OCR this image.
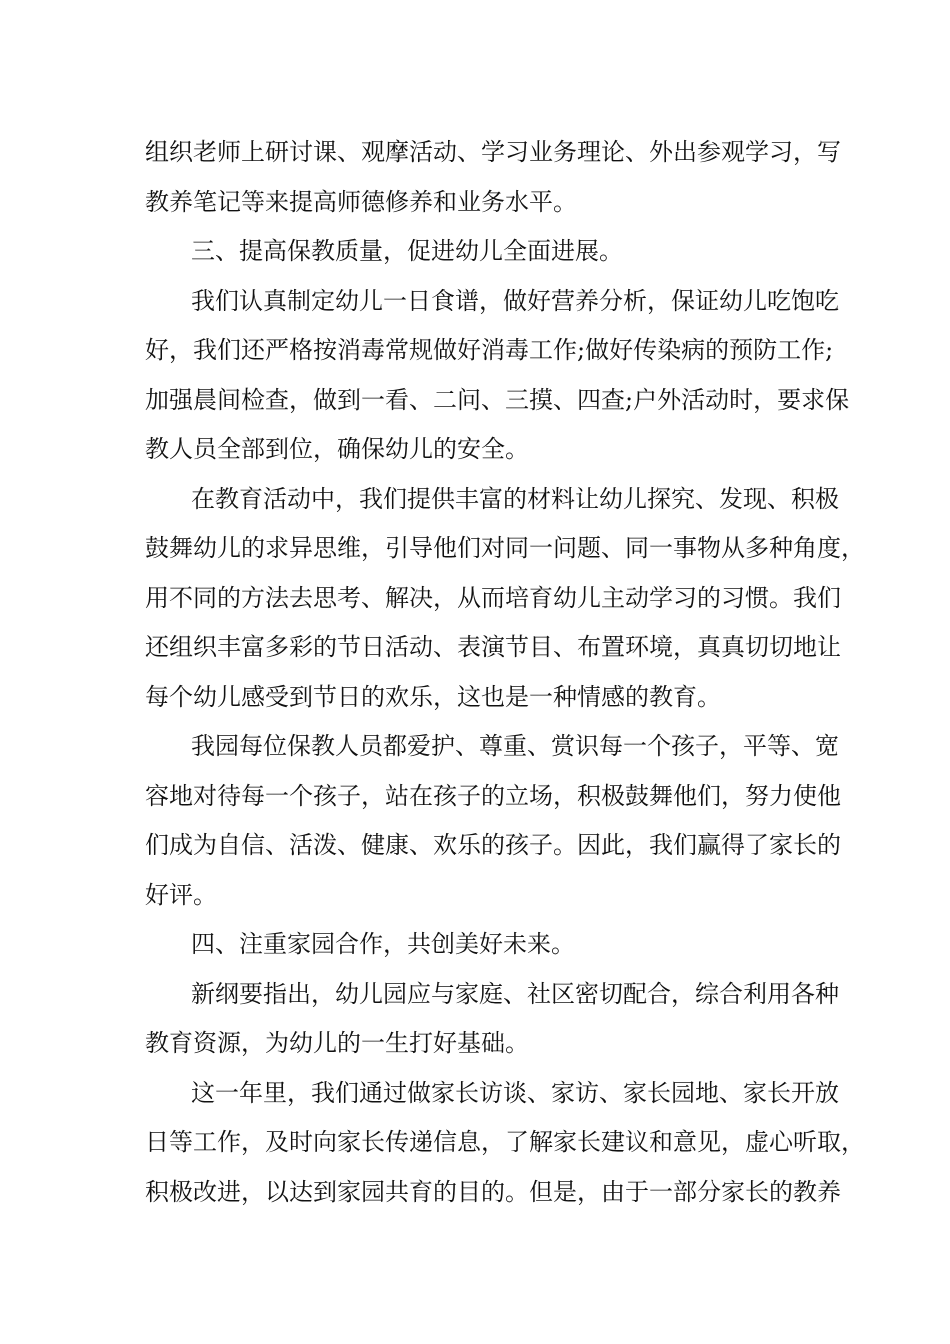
组织老师上研讨课、观摩活动、学习业务理论、外出参观学习，写
教养笔记等来提高师德修养和业务水平。
三、提高保教质量，促进幼儿全面进展。
我们认真制定幼儿一日食谱，做好营养分析，保证幼儿吃饱吃
好，我们还严格按消毒常规做好消毒工作;做好传染病的预防工作;
加强晨间检查，做到一看、二问、三摸、四查;户外活动时，要求保
教人员全部到位，确保幼儿的安全。
在教育活动中，我们提供丰富的材料让幼儿探究、发现、积极
鼓舞幼儿的求异思维，引导他们对同一问题、同一事物从多种角度，
用不同的方法去思考、解决，从而培育幼儿主动学习的习惯。我们
还组织丰富多彩的节日活动、表演节目、布置环境，真真切切地让
每个幼儿感受到节日的欢乐，这也是一种情感的教育。
我园每位保教人员都爱护、尊重、赏识每一个孩子，平等、宽
容地对待每一个孩子，站在孩子的立场，积极鼓舞他们，努力使他
们成为自信、活泼、健康、欢乐的孩子。因此，我们赢得了家长的
好评。
四、注重家园合作，共创美好未来。
新纲要指出，幼儿园应与家庭、社区密切配合，综合利用各种
教育资源，为幼儿的一生打好基础。
这一年里，我们通过做家长访谈、家访、家长园地、家长开放
日等工作，及时向家长传递信息，了解家长建议和意见，虚心听取，
积极改进，以达到家园共育的目的。但是，由于一部分家长的教养
